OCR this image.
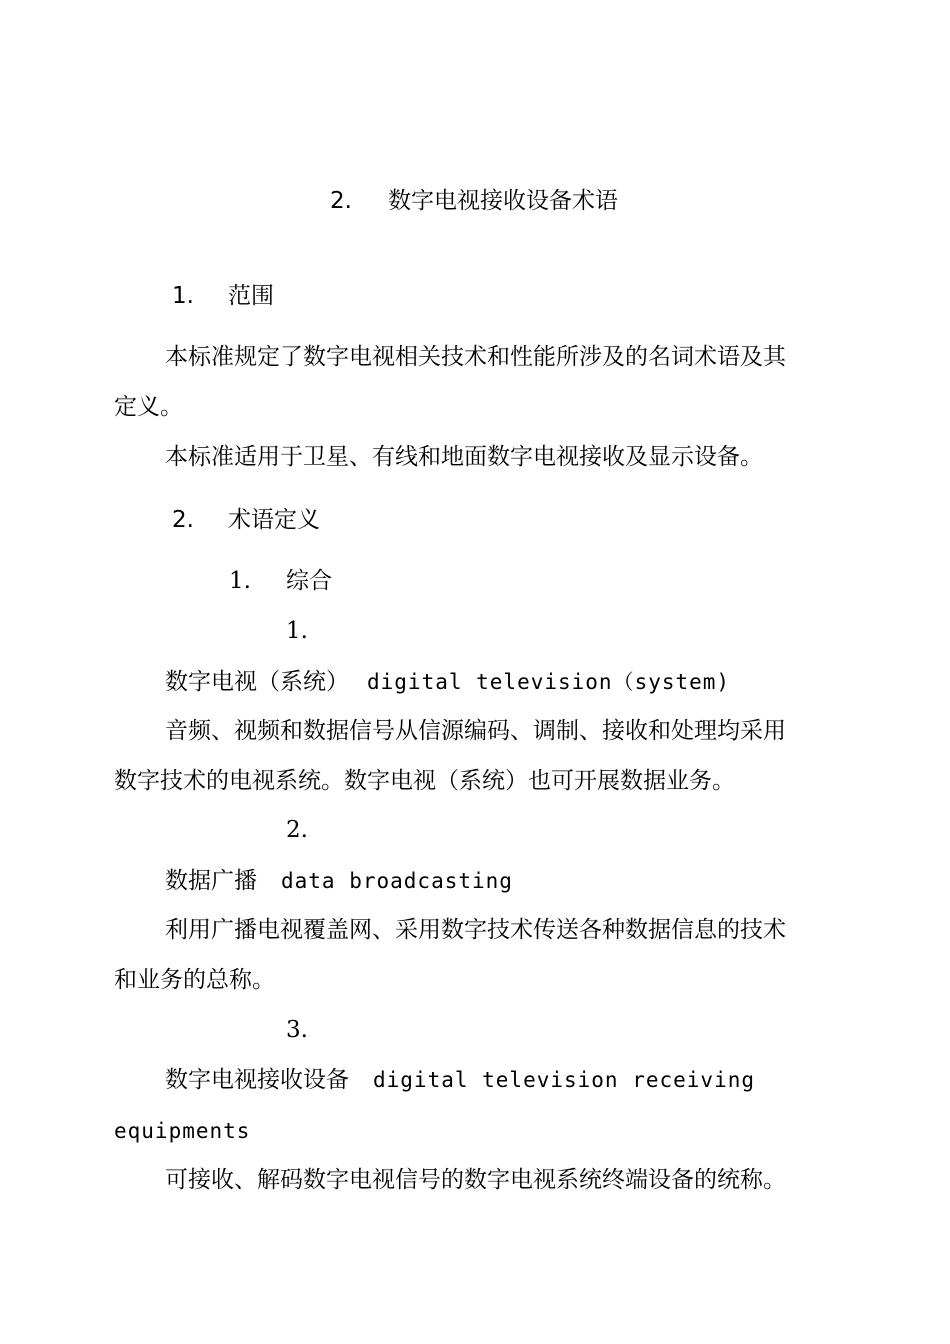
2. 数字电视接收设备术语
1. 范围
本标准规定了数字电视相关技术和性能所涉及的名词术语及其
定义。
本标准适用于卫星、有线和地面数字电视接收及显示设备。
2. 术语定义
1. 综合
1.
数字电视（系统） digital television（system)
音频、视频和数据信号从信源编码、调制、接收和处理均采用
数字技术的电视系统。数字电视（系统）也可开展数据业务。
2.
数据广播 data broadcasting
利用广播电视覆盖网、采用数字技术传送各种数据信息的技术
和业务的总称。
3.
数字电视接收设备 digital television receiving
equipments
可接收、解码数字电视信号的数字电视系统终端设备的统称。
